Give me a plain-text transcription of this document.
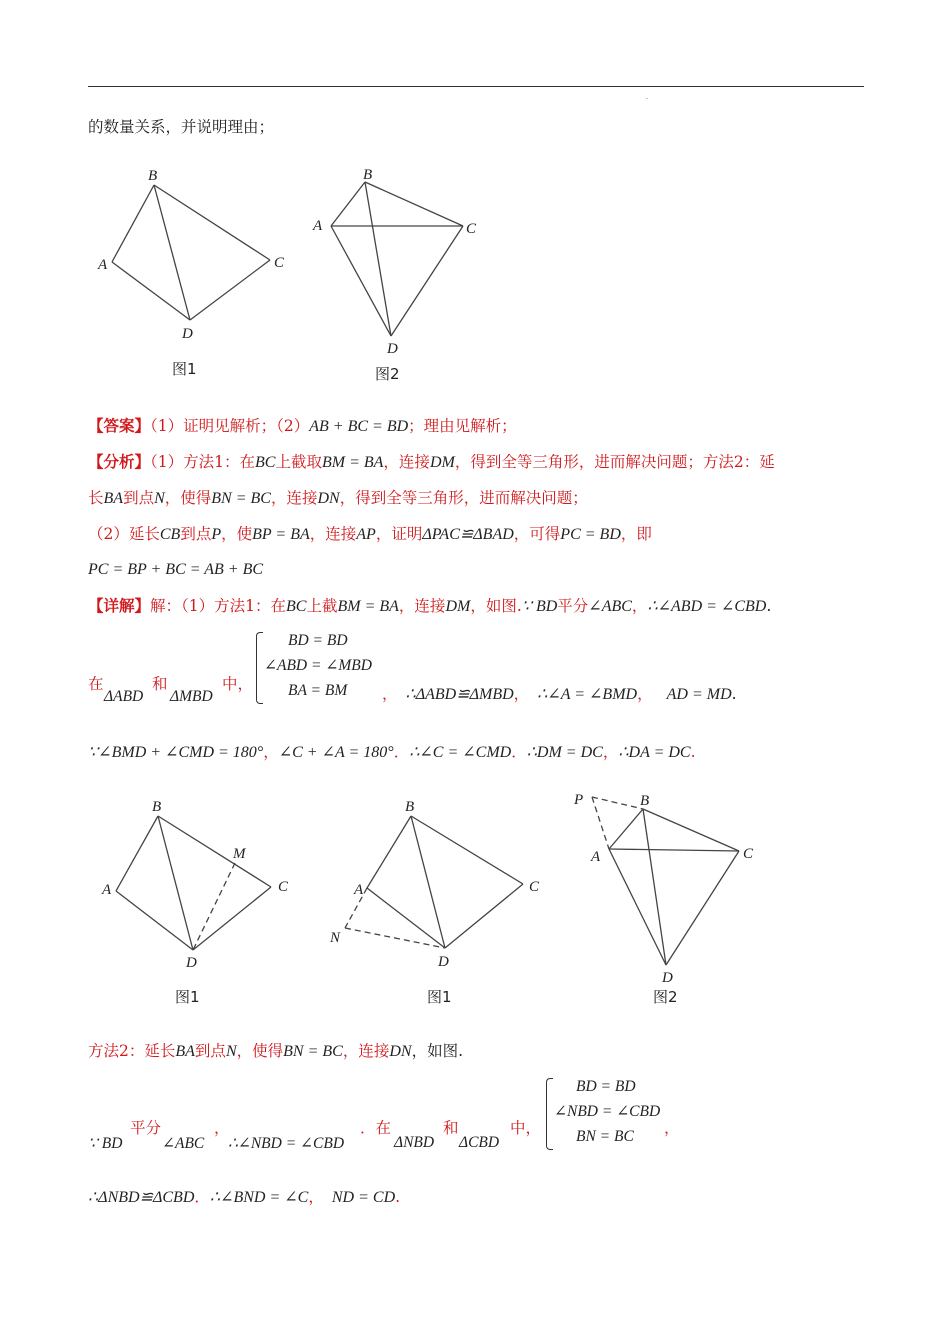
.
的数量关系，并说明理由；
B
A	C
D
图1
B
A	C
D
图2
【答案】（1）证明见解析；（2）AB + BC = BD；理由见解析；
【分析】（1）方法1：在BC上截取BM = BA，连接DM，得到全等三角形，进而解决问题；方法2：延
长BA到点N，使得BN = BC，连接DN，得到全等三角形，进而解决问题；
（2）延长CB到点P，使BP = BA，连接AP，证明ΔPAC≌ΔBAD，可得PC = BD，即
PC = BP + BC = AB + BC
【详解】解：（1）方法1：在BC上截BM = BA，连接DM，如图.∵ BD平分∠ABC，∴∠ABD = ∠CBD.
在
ΔABD
和
ΔMBD
中，
BD = BD
∠ABD = ∠MBD
BA = BM	， ∴ΔABD≌ΔMBD， ∴∠A = ∠BMD， AD = MD.
∵∠BMD + ∠CMD = 180°，∠C + ∠A = 180°．∴∠C = ∠CMD．∴DM = DC，∴DA = DC.
B
A	C
M
D
图1
B
A	C
N
D
图1
P	B
A	C
D
图2
方法2：延长BA到点N，使得BN = BC，连接DN，如图.
∵ BD
平分
∠ABC
，
∴∠NBD = ∠CBD
．在
ΔNBD
和
ΔCBD
中，
BD = BD
∠NBD = ∠CBD
BN = BC	，
∴ΔNBD≌ΔCBD．∴∠BND = ∠C， ND = CD.
